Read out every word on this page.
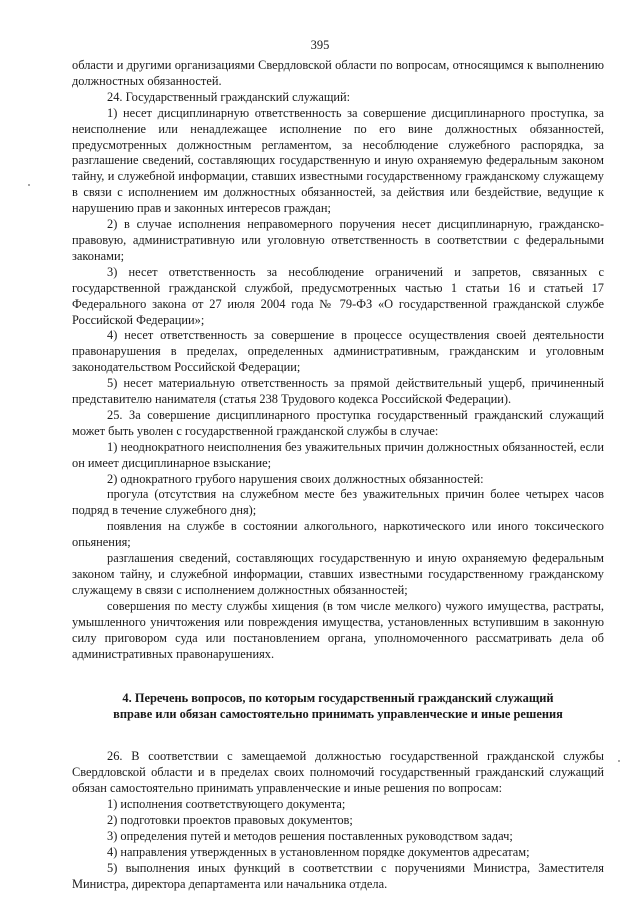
395

области и другими организациями Свердловской области по вопросам, относящимся к выполнению должностных обязанностей.

24. Государственный гражданский служащий:

1) несет дисциплинарную ответственность за совершение дисциплинарного проступка, за неисполнение или ненадлежащее исполнение по его вине должностных обязанностей, предусмотренных должностным регламентом, за несоблюдение служебного распорядка, за разглашение сведений, составляющих государственную и иную охраняемую федеральным законом тайну, и служебной информации, ставших известными государственному гражданскому служащему в связи с исполнением им должностных обязанностей, за действия или бездействие, ведущие к нарушению прав и законных интересов граждан;

2) в случае исполнения неправомерного поручения несет дисциплинарную, гражданско-правовую, административную или уголовную ответственность в соответствии с федеральными законами;

3) несет ответственность за несоблюдение ограничений и запретов, связанных с государственной гражданской службой, предусмотренных частью 1 статьи 16 и статьей 17 Федерального закона от 27 июля 2004 года № 79-ФЗ «О государственной гражданской службе Российской Федерации»;

4) несет ответственность за совершение в процессе осуществления своей деятельности правонарушения в пределах, определенных административным, гражданским и уголовным законодательством Российской Федерации;

5) несет материальную ответственность за прямой действительный ущерб, причиненный представителю нанимателя (статья 238 Трудового кодекса Российской Федерации).

25. За совершение дисциплинарного проступка государственный гражданский служащий может быть уволен с государственной гражданской службы в случае:

1) неоднократного неисполнения без уважительных причин должностных обязанностей, если он имеет дисциплинарное взыскание;

2) однократного грубого нарушения своих должностных обязанностей:

прогула (отсутствия на служебном месте без уважительных причин более четырех часов подряд в течение служебного дня);

появления на службе в состоянии алкогольного, наркотического или иного токсического опьянения;

разглашения сведений, составляющих государственную и иную охраняемую федеральным законом тайну, и служебной информации, ставших известными государственному гражданскому служащему в связи с исполнением должностных обязанностей;

совершения по месту службы хищения (в том числе мелкого) чужого имущества, растраты, умышленного уничтожения или повреждения имущества, установленных вступившим в законную силу приговором суда или постановлением органа, уполномоченного рассматривать дела об административных правонарушениях.

4. Перечень вопросов, по которым государственный гражданский служащий
вправе или обязан самостоятельно принимать управленческие и иные решения

26. В соответствии с замещаемой должностью государственной гражданской службы Свердловской области и в пределах своих полномочий государственный гражданский служащий обязан самостоятельно принимать управленческие и иные решения по вопросам:

1) исполнения соответствующего документа;

2) подготовки проектов правовых документов;

3) определения путей и методов решения поставленных руководством задач;

4) направления утвержденных в установленном порядке документов адресатам;

5) выполнения иных функций в соответствии с поручениями Министра, Заместителя Министра, директора департамента или начальника отдела.
